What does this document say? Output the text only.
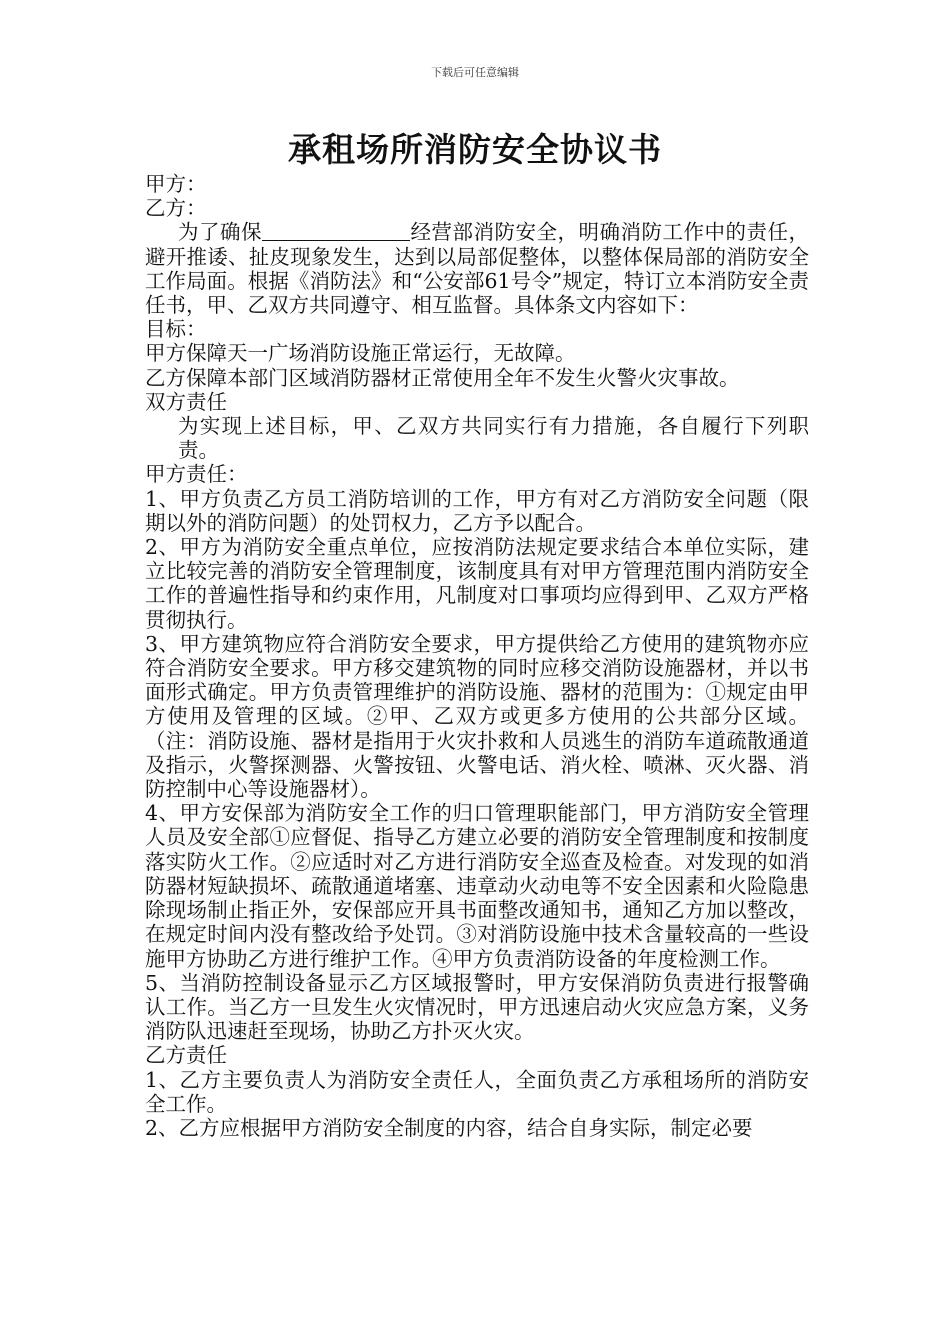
下载后可任意编辑
承租场所消防安全协议书

甲方：

乙方：

为了确保	经营部消防安全，明确消防工作中的责任，避开推诿、扯皮现象发生，达到以局部促整体，以整体保局部的消防安全工作局面。根据《消防法》和“公安部61号令”规定，特订立本消防安全责任书，甲、乙双方共同遵守、相互监督。具体条文内容如下：

目标：

甲方保障天一广场消防设施正常运行，无故障。

乙方保障本部门区域消防器材正常使用全年不发生火警火灾事故。

双方责任

为实现上述目标，甲、乙双方共同实行有力措施，各自履行下列职责。

甲方责任：

1、甲方负责乙方员工消防培训的工作，甲方有对乙方消防安全问题（限期以外的消防问题）的处罚权力，乙方予以配合。

2、甲方为消防安全重点单位，应按消防法规定要求结合本单位实际，建立比较完善的消防安全管理制度，该制度具有对甲方管理范围内消防安全工作的普遍性指导和约束作用，凡制度对口事项均应得到甲、乙双方严格贯彻执行。

3、甲方建筑物应符合消防安全要求，甲方提供给乙方使用的建筑物亦应符合消防安全要求。甲方移交建筑物的同时应移交消防设施器材，并以书面形式确定。甲方负责管理维护的消防设施、器材的范围为：①规定由甲方使用及管理的区域。②甲、乙双方或更多方使用的公共部分区域。（注：消防设施、器材是指用于火灾扑救和人员逃生的消防车道疏散通道及指示，火警探测器、火警按钮、火警电话、消火栓、喷淋、灭火器、消防控制中心等设施器材）。

4、甲方安保部为消防安全工作的归口管理职能部门，甲方消防安全管理人员及安全部①应督促、指导乙方建立必要的消防安全管理制度和按制度落实防火工作。②应适时对乙方进行消防安全巡查及检查。对发现的如消防器材短缺损坏、疏散通道堵塞、违章动火动电等不安全因素和火险隐患除现场制止指正外，安保部应开具书面整改通知书，通知乙方加以整改，在规定时间内没有整改给予处罚。③对消防设施中技术含量较高的一些设施甲方协助乙方进行维护工作。④甲方负责消防设备的年度检测工作。

5、当消防控制设备显示乙方区域报警时，甲方安保消防负责进行报警确认工作。当乙方一旦发生火灾情况时，甲方迅速启动火灾应急方案，义务消防队迅速赶至现场，协助乙方扑灭火灾。

乙方责任

1、乙方主要负责人为消防安全责任人，全面负责乙方承租场所的消防安全工作。

2、乙方应根据甲方消防安全制度的内容，结合自身实际，制定必要
